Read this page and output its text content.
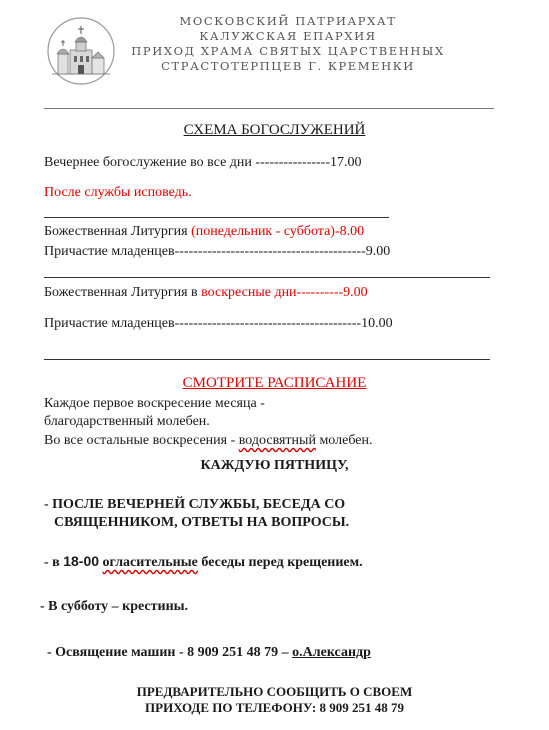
МОСКОВСКИЙ ПАТРИАРХАТ
КАЛУЖСКАЯ ЕПАРХИЯ
ПРИХОД ХРАМА СВЯТЫХ ЦАРСТВЕННЫХ
СТРАСТОТЕРПЦЕВ Г. КРЕМЕНКИ
СХЕМА БОГОСЛУЖЕНИЙ
Вечернее богослужение во все дни ----------------17.00
После службы исповедь.
Божественная Литургия (понедельник - суббота)-8.00
Причастие младенцев-----------------------------------------9.00
Божественная Литургия в воскресные дни----------9.00
Причастие младенцев----------------------------------------10.00
СМОТРИТЕ РАСПИСАНИЕ
Каждое первое воскресение месяца -
благодарственный молебен.
Во все остальные воскресения - водосвятный молебен.
КАЖДУЮ ПЯТНИЦУ,
- ПОСЛЕ ВЕЧЕРНЕЙ СЛУЖБЫ, БЕСЕДА СО
СВЯЩЕННИКОМ, ОТВЕТЫ НА ВОПРОСЫ.
- в 18-00 огласительные беседы перед крещением.
- В субботу – крестины.
- Освящение машин - 8 909 251 48 79 – о.Александр
ПРЕДВАРИТЕЛЬНО СООБЩИТЬ О СВОЕМ
ПРИХОДЕ ПО ТЕЛЕФОНУ: 8 909 251 48 79
